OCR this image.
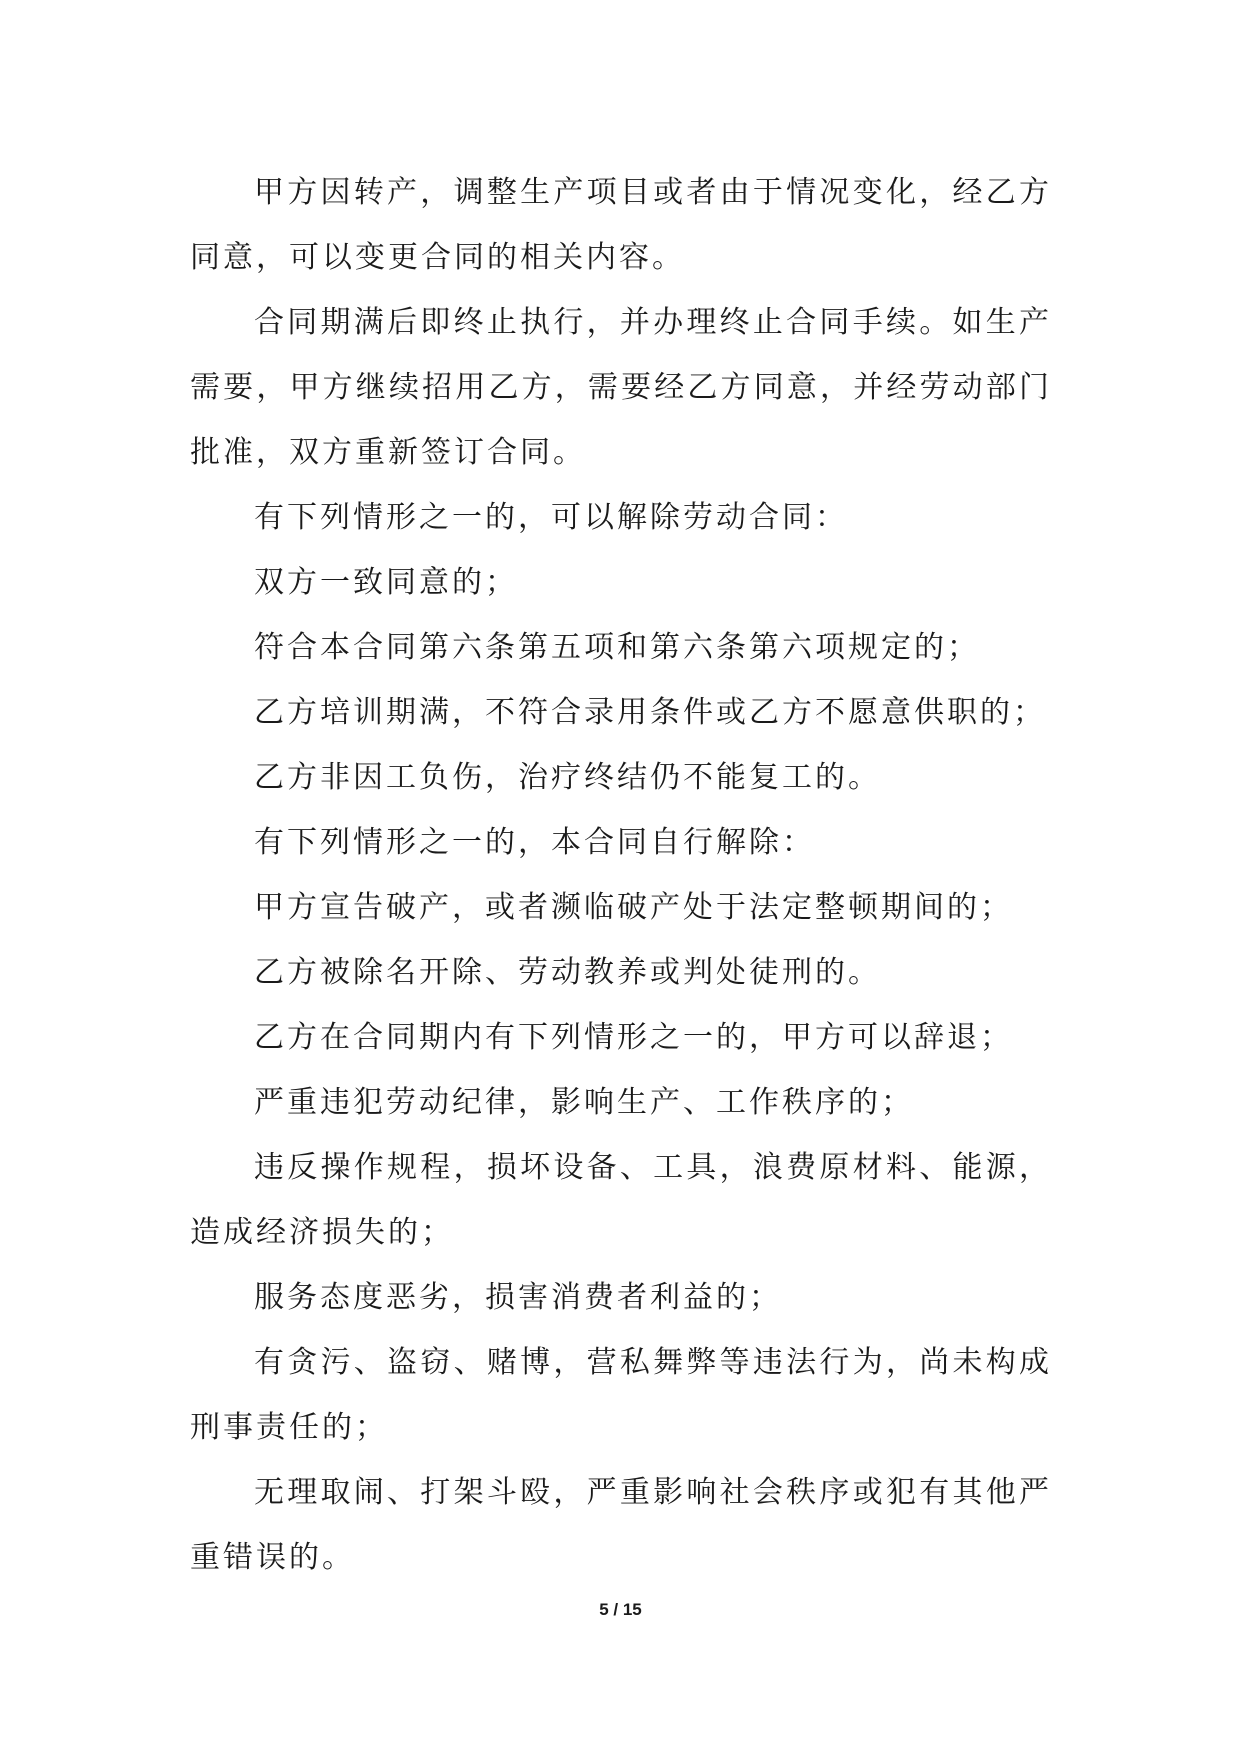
甲方因转产，调整生产项目或者由于情况变化，经乙方同意，可以变更合同的相关内容。

合同期满后即终止执行，并办理终止合同手续。如生产需要，甲方继续招用乙方，需要经乙方同意，并经劳动部门批准，双方重新签订合同。

有下列情形之一的，可以解除劳动合同：

双方一致同意的；

符合本合同第六条第五项和第六条第六项规定的；

乙方培训期满，不符合录用条件或乙方不愿意供职的；

乙方非因工负伤，治疗终结仍不能复工的。

有下列情形之一的，本合同自行解除：

甲方宣告破产，或者濒临破产处于法定整顿期间的；

乙方被除名开除、劳动教养或判处徒刑的。

乙方在合同期内有下列情形之一的，甲方可以辞退；

严重违犯劳动纪律，影响生产、工作秩序的；

违反操作规程，损坏设备、工具，浪费原材料、能源，造成经济损失的；

服务态度恶劣，损害消费者利益的；

有贪污、盗窃、赌博，营私舞弊等违法行为，尚未构成刑事责任的；

无理取闹、打架斗殴，严重影响社会秩序或犯有其他严重错误的。

5 / 15
